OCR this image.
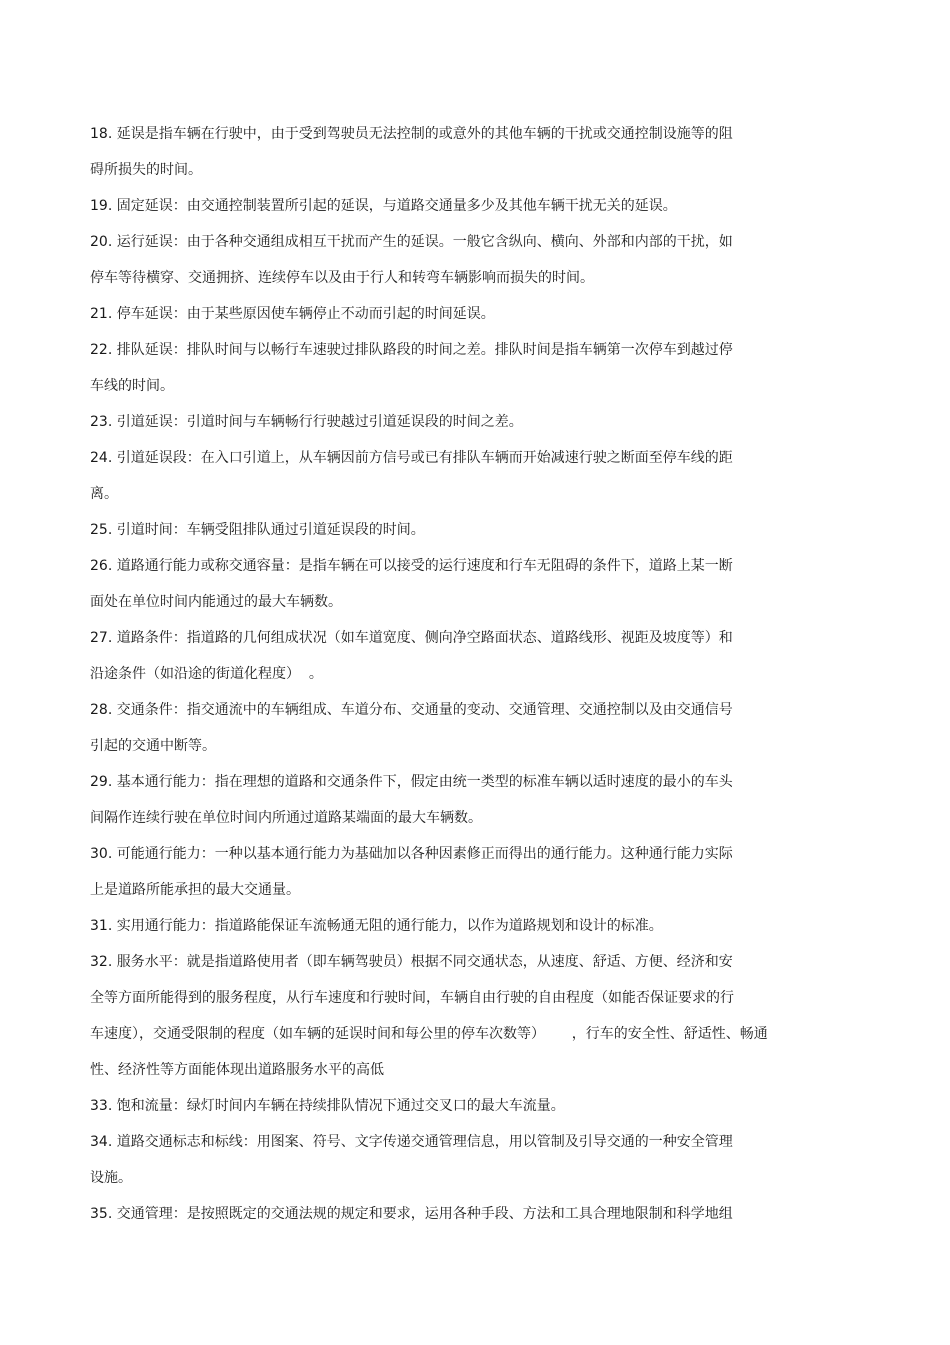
18. 延误是指车辆在行驶中，由于受到驾驶员无法控制的或意外的其他车辆的干扰或交通控制设施等的阻
碍所损失的时间。
19. 固定延误：由交通控制装置所引起的延误，与道路交通量多少及其他车辆干扰无关的延误。
20. 运行延误：由于各种交通组成相互干扰而产生的延误。一般它含纵向、横向、外部和内部的干扰，如
停车等待横穿、交通拥挤、连续停车以及由于行人和转弯车辆影响而损失的时间。
21. 停车延误：由于某些原因使车辆停止不动而引起的时间延误。
22. 排队延误：排队时间与以畅行车速驶过排队路段的时间之差。排队时间是指车辆第一次停车到越过停
车线的时间。
23. 引道延误：引道时间与车辆畅行行驶越过引道延误段的时间之差。
24. 引道延误段：在入口引道上，从车辆因前方信号或已有排队车辆而开始减速行驶之断面至停车线的距
离。
25. 引道时间：车辆受阻排队通过引道延误段的时间。
26. 道路通行能力或称交通容量：是指车辆在可以接受的运行速度和行车无阻碍的条件下，道路上某一断
面处在单位时间内能通过的最大车辆数。
27. 道路条件：指道路的几何组成状况（如车道宽度、侧向净空路面状态、道路线形、视距及坡度等）和
沿途条件（如沿途的街道化程度）  。
28. 交通条件：指交通流中的车辆组成、车道分布、交通量的变动、交通管理、交通控制以及由交通信号
引起的交通中断等。
29. 基本通行能力：指在理想的道路和交通条件下，假定由统一类型的标准车辆以适时速度的最小的车头
间隔作连续行驶在单位时间内所通过道路某端面的最大车辆数。
30. 可能通行能力：一种以基本通行能力为基础加以各种因素修正而得出的通行能力。这种通行能力实际
上是道路所能承担的最大交通量。
31. 实用通行能力：指道路能保证车流畅通无阻的通行能力，以作为道路规划和设计的标准。
32. 服务水平：就是指道路使用者（即车辆驾驶员）根据不同交通状态，从速度、舒适、方便、经济和安
全等方面所能得到的服务程度，从行车速度和行驶时间，车辆自由行驶的自由程度（如能否保证要求的行
车速度），交通受限制的程度（如车辆的延误时间和每公里的停车次数等）      ，行车的安全性、舒适性、畅通
性、经济性等方面能体现出道路服务水平的高低
33. 饱和流量：绿灯时间内车辆在持续排队情况下通过交叉口的最大车流量。
34. 道路交通标志和标线：用图案、符号、文字传递交通管理信息，用以管制及引导交通的一种安全管理
设施。
35. 交通管理：是按照既定的交通法规的规定和要求，运用各种手段、方法和工具合理地限制和科学地组
